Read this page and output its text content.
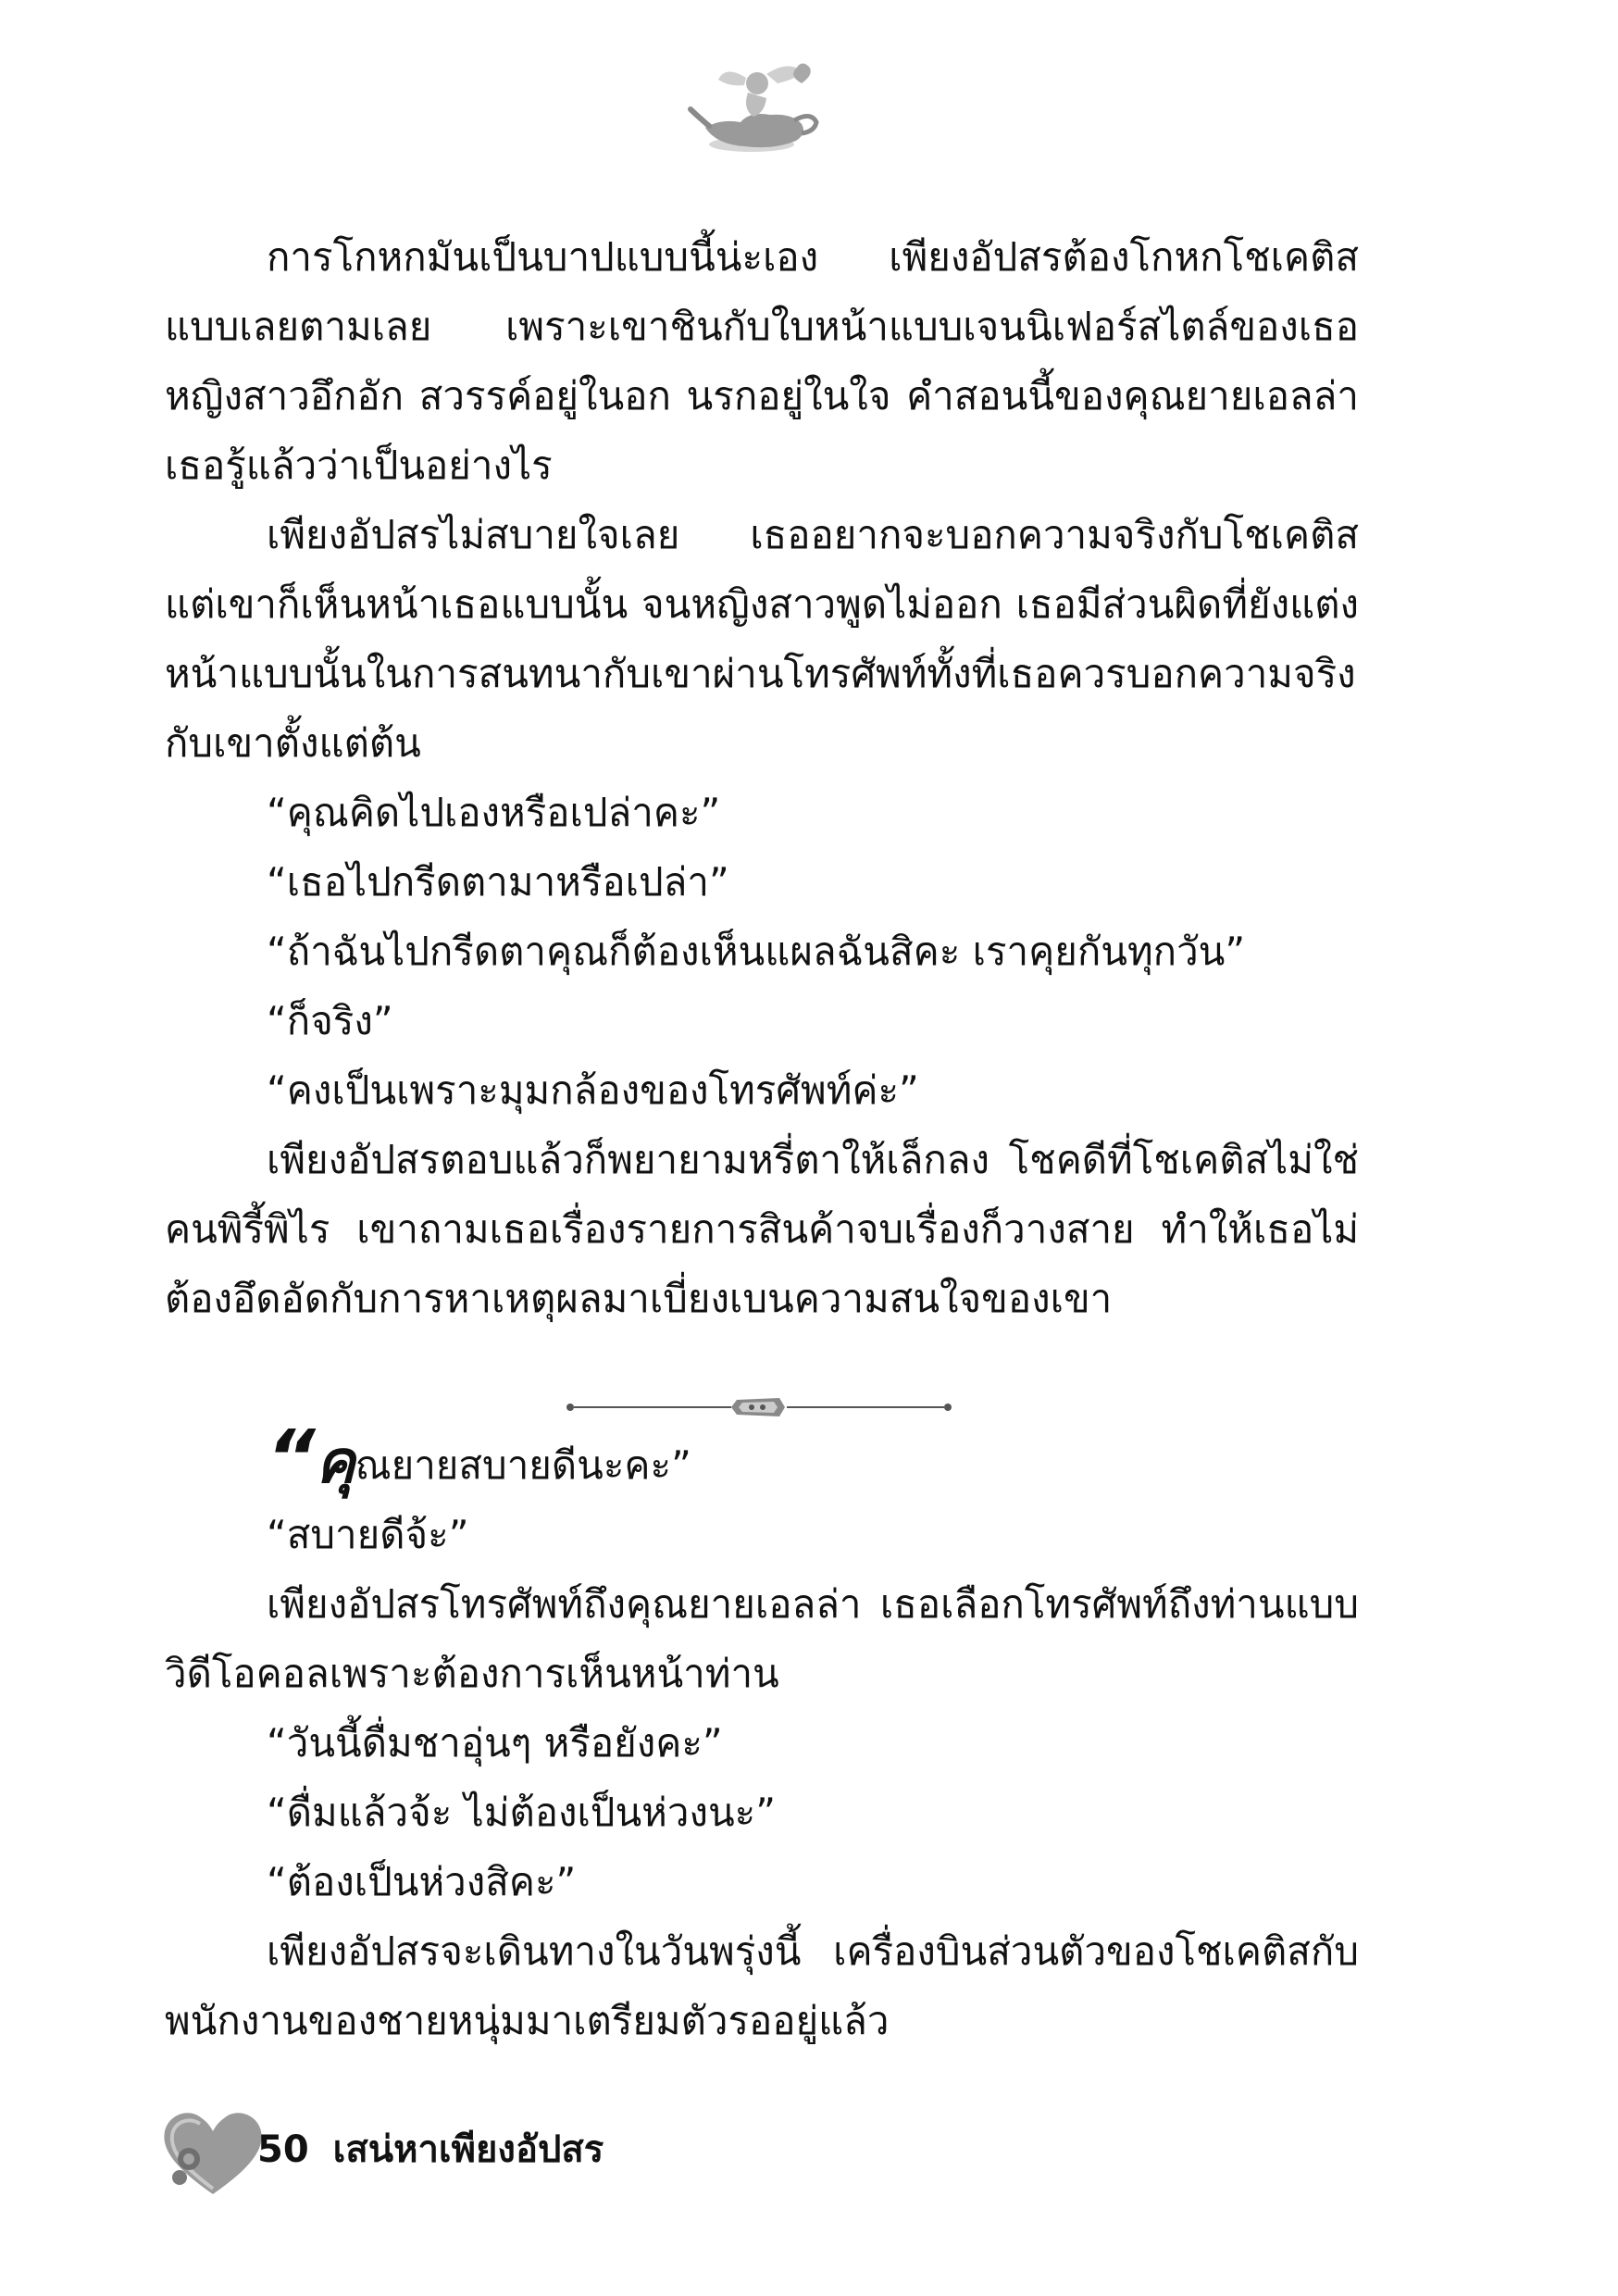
การโกหกมันเป็นบาปแบบนี้น่ะเอง เพียงอัปสรต้องโกหกโชเคติสแบบเลยตามเลย เพราะเขาชินกับใบหน้าแบบเจนนิเฟอร์สไตล์ของเธอ หญิงสาวอึกอัก สวรรค์อยู่ในอก นรกอยู่ในใจ คำสอนนี้ของคุณยายเอลล่าเธอรู้แล้วว่าเป็นอย่างไร

เพียงอัปสรไม่สบายใจเลย เธออยากจะบอกความจริงกับโชเคติส แต่เขาก็เห็นหน้าเธอแบบนั้น จนหญิงสาวพูดไม่ออก เธอมีส่วนผิดที่ยังแต่งหน้าแบบนั้นในการสนทนากับเขาผ่านโทรศัพท์ทั้งที่เธอควรบอกความจริงกับเขาตั้งแต่ต้น

“คุณคิดไปเองหรือเปล่าคะ”

“เธอไปกรีดตามาหรือเปล่า”

“ถ้าฉันไปกรีดตาคุณก็ต้องเห็นแผลฉันสิคะ เราคุยกันทุกวัน”

“ก็จริง”

“คงเป็นเพราะมุมกล้องของโทรศัพท์ค่ะ”

เพียงอัปสรตอบแล้วก็พยายามหรี่ตาให้เล็กลง โชคดีที่โชเคติสไม่ใช่คนพิรี้พิไร เขาถามเธอเรื่องรายการสินค้าจบเรื่องก็วางสาย ทำให้เธอไม่ต้องอึดอัดกับการหาเหตุผลมาเบี่ยงเบนความสนใจของเขา

“คุณยายสบายดีนะคะ”

“สบายดีจ้ะ”

เพียงอัปสรโทรศัพท์ถึงคุณยายเอลล่า เธอเลือกโทรศัพท์ถึงท่านแบบวิดีโอคอลเพราะต้องการเห็นหน้าท่าน

“วันนี้ดื่มชาอุ่นๆ หรือยังคะ”

“ดื่มแล้วจ้ะ ไม่ต้องเป็นห่วงนะ”

“ต้องเป็นห่วงสิคะ”

เพียงอัปสรจะเดินทางในวันพรุ่งนี้ เครื่องบินส่วนตัวของโชเคติสกับพนักงานของชายหนุ่มมาเตรียมตัวรออยู่แล้ว

50 เสน่หาเพียงอัปสร
